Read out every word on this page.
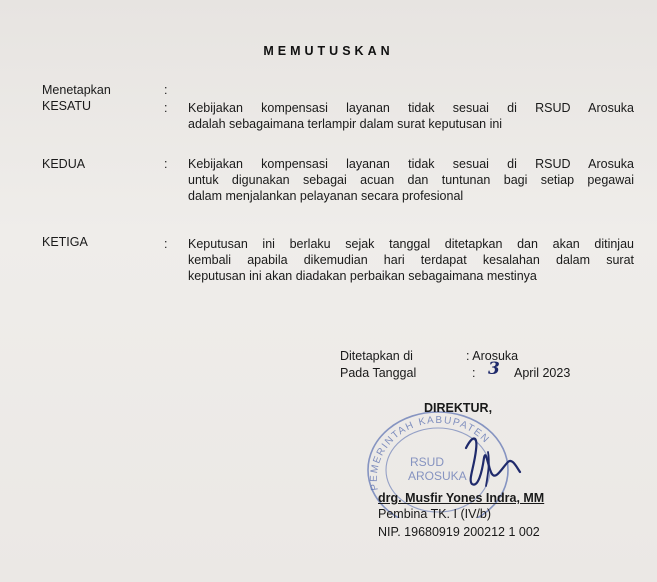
MEMUTUSKAN
Menetapkan	:
KESATU	: Kebijakan kompensasi layanan tidak sesuai di RSUD Arosuka
adalah sebagaimana terlampir dalam surat keputusan ini
KEDUA	: Kebijakan kompensasi layanan tidak sesuai di RSUD Arosuka
untuk digunakan sebagai acuan dan tuntunan bagi setiap pegawai
dalam menjalankan pelayanan secara profesional
KETIGA	: Keputusan ini berlaku sejak tanggal ditetapkan dan akan ditinjau
kembali apabila dikemudian hari terdapat kesalahan dalam surat
keputusan ini akan diadakan perbaikan sebagaimana mestinya
Ditetapkan di	: Arosuka
Pada Tanggal	: 3 April 2023
PEMERINTAH KABUPATEN
RSUD
AROSUKA
DIREKTUR,
drg. Musfir Yones Indra, MM
Pembina TK. I (IV/b)
NIP. 19680919 200212 1 002
